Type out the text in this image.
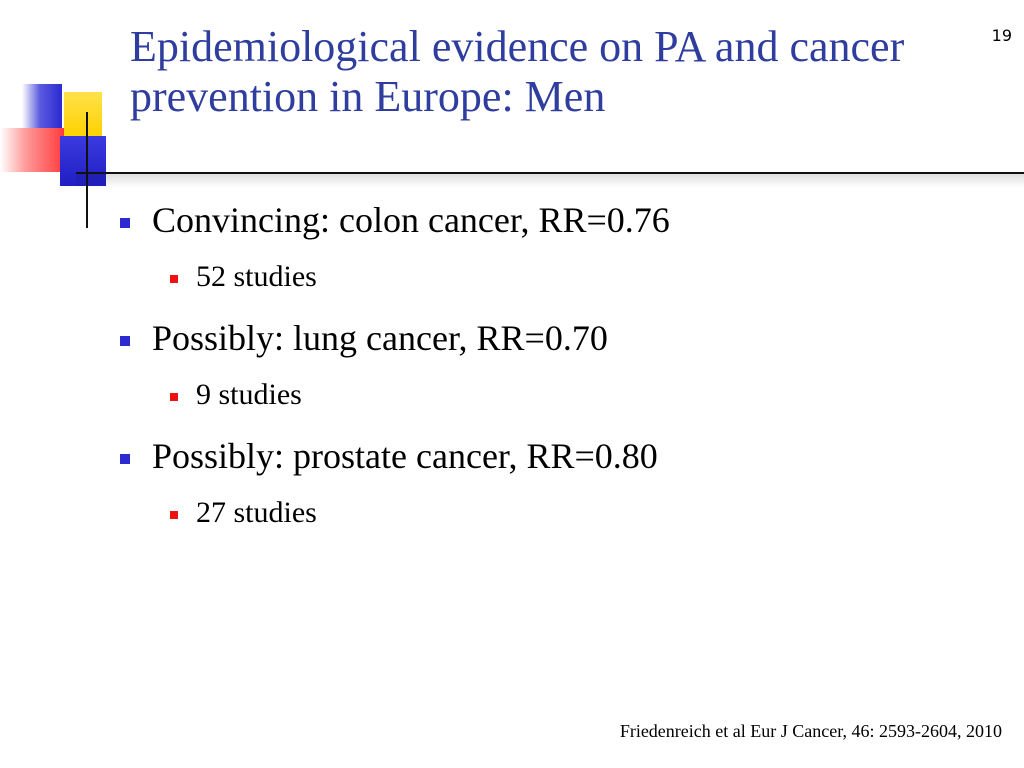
19
Epidemiological evidence on PA and cancer prevention in Europe: Men
Convincing: colon cancer, RR=0.76
52 studies
Possibly: lung cancer, RR=0.70
9 studies
Possibly: prostate cancer, RR=0.80
27 studies
Friedenreich et al Eur J Cancer, 46: 2593-2604, 2010
